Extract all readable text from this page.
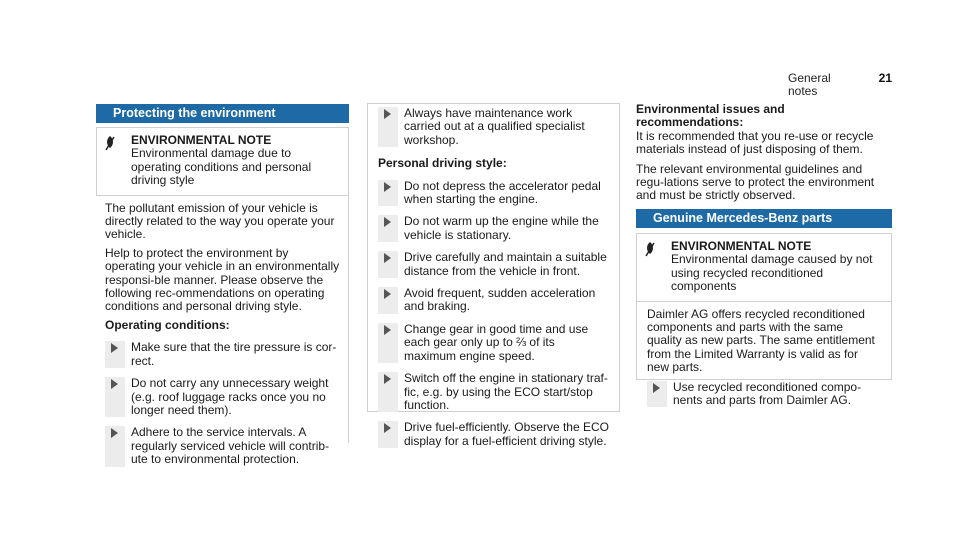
General notes
21
Protecting the environment
ENVIRONMENTAL NOTE Environmental damage due to operating conditions and personal driving style
The pollutant emission of your vehicle is directly related to the way you operate your vehicle.
Help to protect the environment by operating your vehicle in an environmentally responsi-ble manner. Please observe the following rec-ommendations on operating conditions and personal driving style.
Operating conditions:
Make sure that the tire pressure is cor-rect.
Do not carry any unnecessary weight (e.g. roof luggage racks once you no longer need them).
Adhere to the service intervals. A regularly serviced vehicle will contrib-ute to environmental protection.
Always have maintenance work carried out at a qualified specialist workshop.
Personal driving style:
Do not depress the accelerator pedal when starting the engine.
Do not warm up the engine while the vehicle is stationary.
Drive carefully and maintain a suitable distance from the vehicle in front.
Avoid frequent, sudden acceleration and braking.
Change gear in good time and use each gear only up to ⅔ of its maximum engine speed.
Switch off the engine in stationary traf-fic, e.g. by using the ECO start/stop function.
Drive fuel-efficiently. Observe the ECO display for a fuel-efficient driving style.
Environmental issues and recommendations:
It is recommended that you re-use or recycle materials instead of just disposing of them.
The relevant environmental guidelines and regu-lations serve to protect the environment and must be strictly observed.
Genuine Mercedes-Benz parts
ENVIRONMENTAL NOTE Environmental damage caused by not using recycled reconditioned components
Daimler AG offers recycled reconditioned components and parts with the same quality as new parts. The same entitlement from the Limited Warranty is valid as for new parts.
Use recycled reconditioned compo-nents and parts from Daimler AG.
